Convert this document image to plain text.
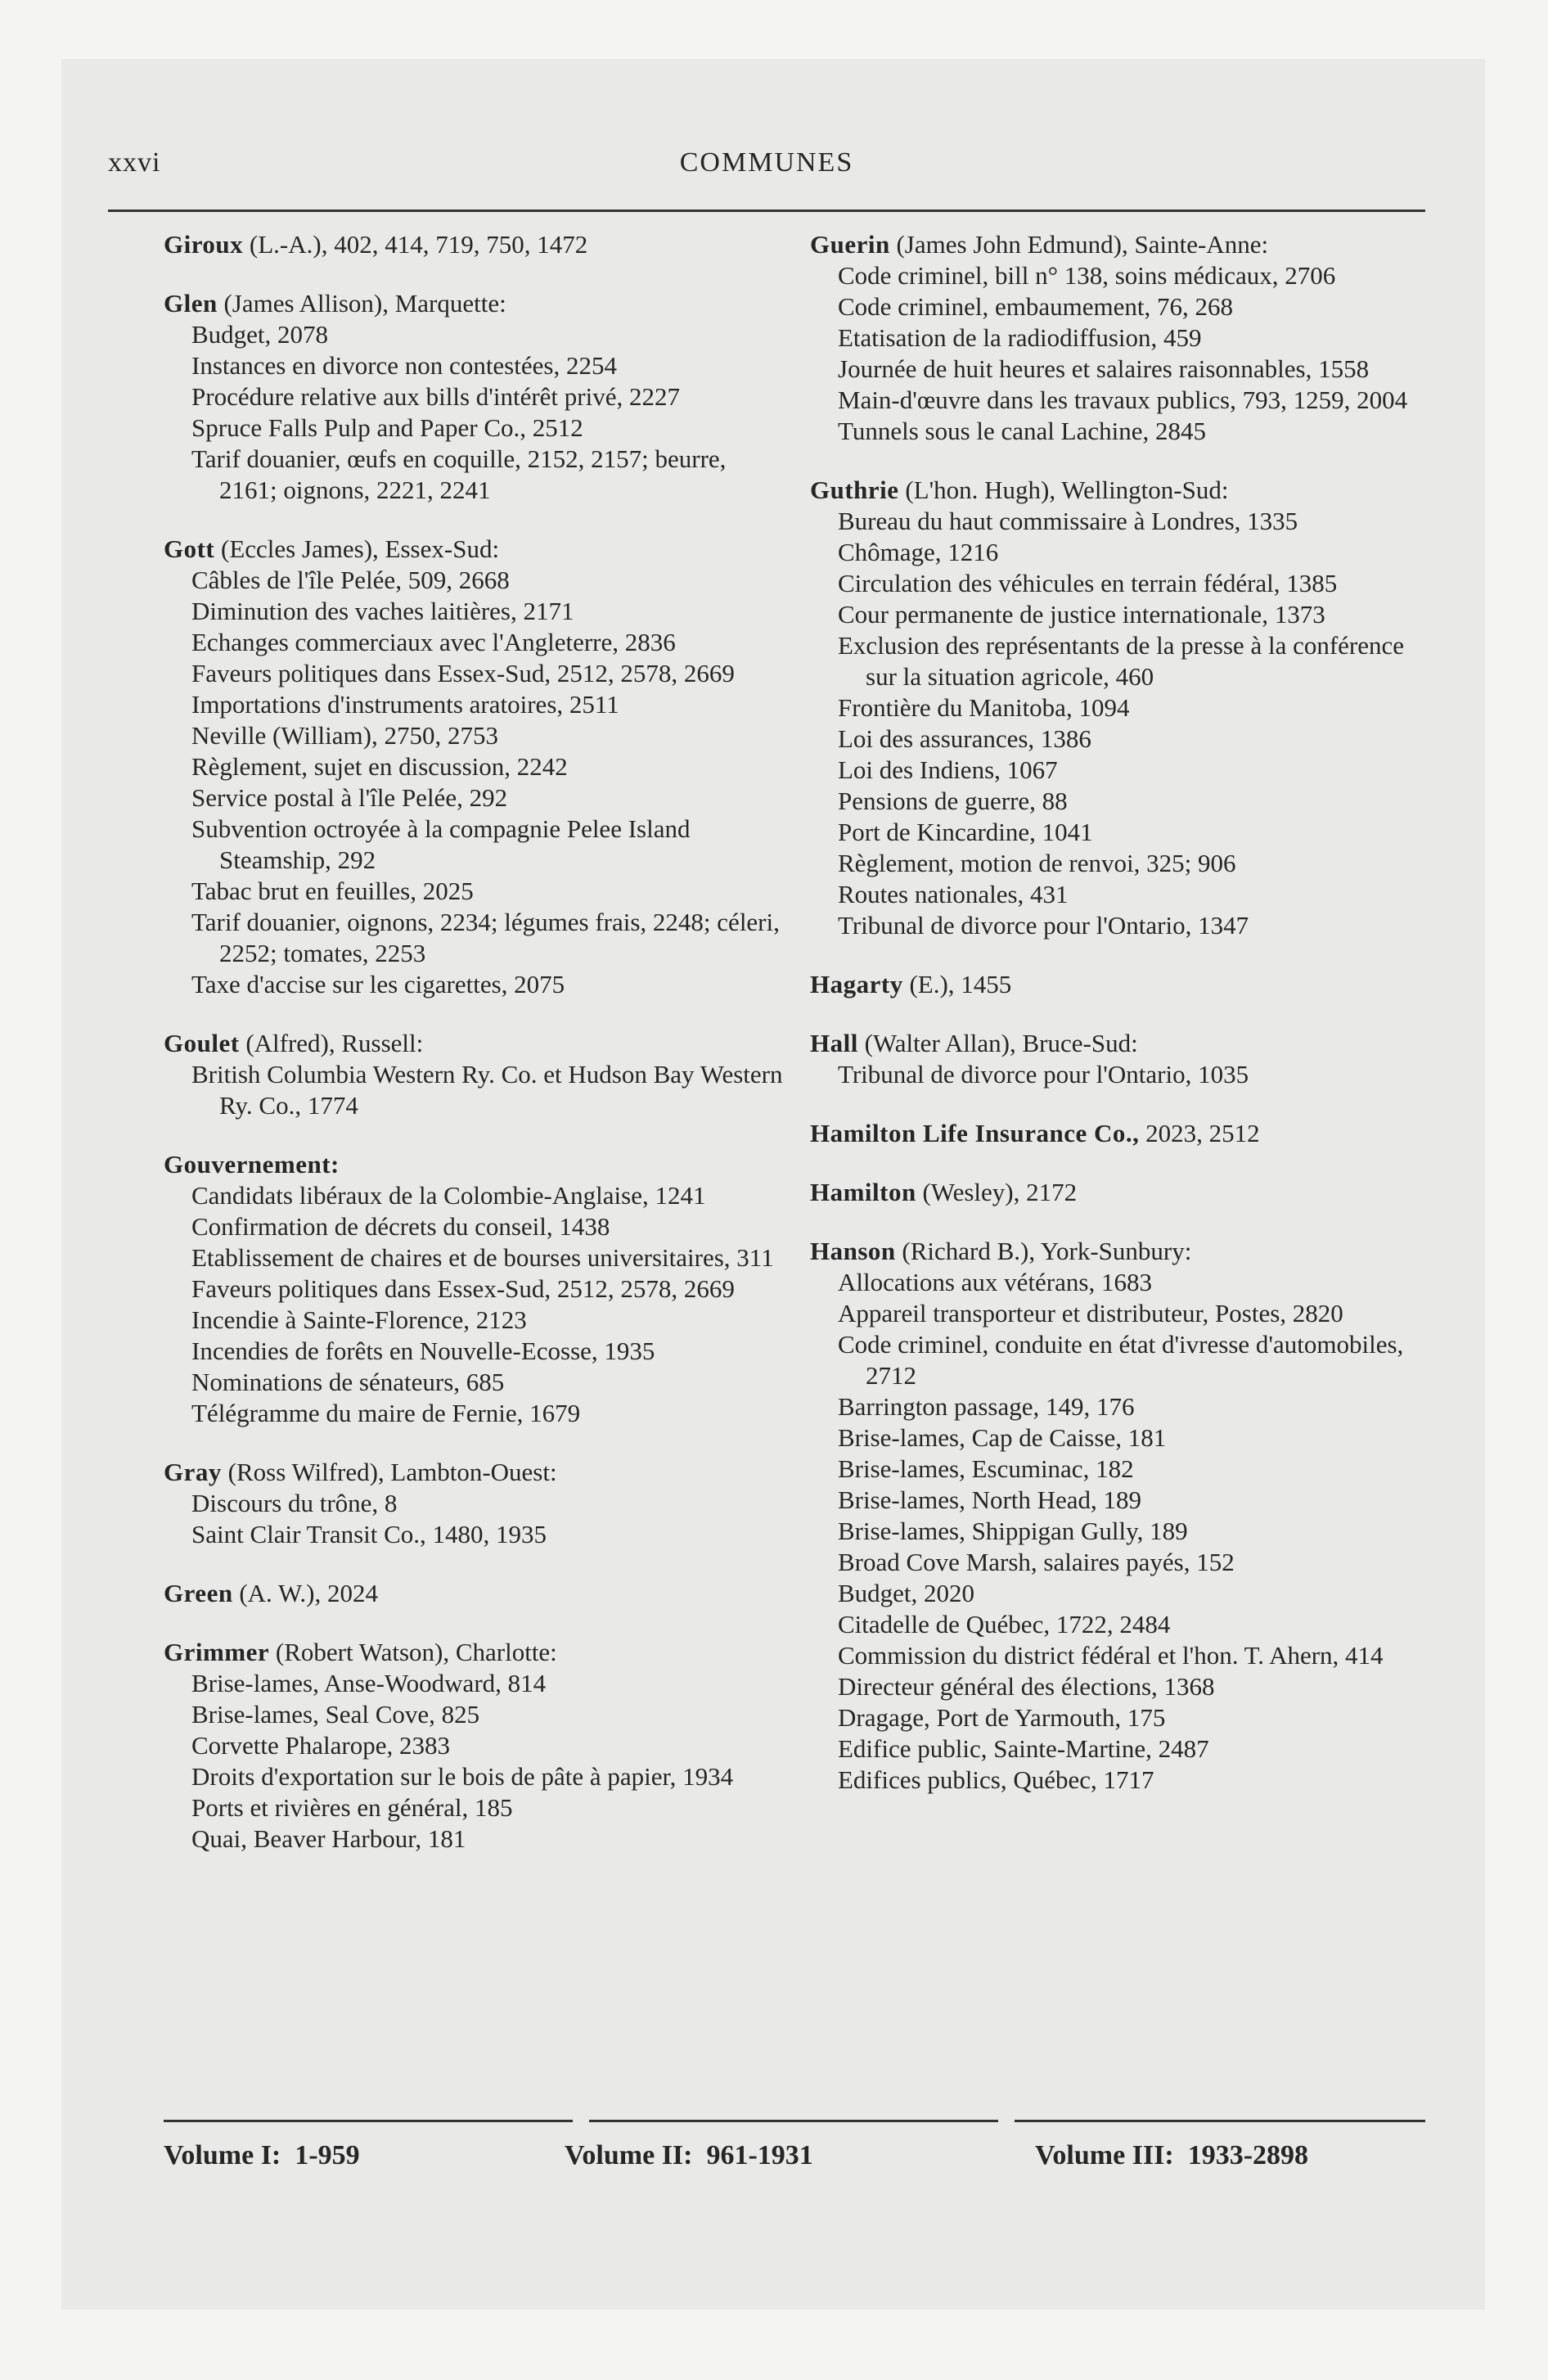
xxvi	COMMUNES
Giroux (L.-A.), 402, 414, 719, 750, 1472
Glen (James Allison), Marquette:
Budget, 2078
Instances en divorce non contestées, 2254
Procédure relative aux bills d'intérêt privé, 2227
Spruce Falls Pulp and Paper Co., 2512
Tarif douanier, œufs en coquille, 2152, 2157; beurre, 2161; oignons, 2221, 2241
Gott (Eccles James), Essex-Sud:
Câbles de l'île Pelée, 509, 2668
Diminution des vaches laitières, 2171
Echanges commerciaux avec l'Angleterre, 2836
Faveurs politiques dans Essex-Sud, 2512, 2578, 2669
Importations d'instruments aratoires, 2511
Neville (William), 2750, 2753
Règlement, sujet en discussion, 2242
Service postal à l'île Pelée, 292
Subvention octroyée à la compagnie Pelee Island Steamship, 292
Tabac brut en feuilles, 2025
Tarif douanier, oignons, 2234; légumes frais, 2248; céleri, 2252; tomates, 2253
Taxe d'accise sur les cigarettes, 2075
Goulet (Alfred), Russell:
British Columbia Western Ry. Co. et Hudson Bay Western Ry. Co., 1774
Gouvernement:
Candidats libéraux de la Colombie-Anglaise, 1241
Confirmation de décrets du conseil, 1438
Etablissement de chaires et de bourses universitaires, 311
Faveurs politiques dans Essex-Sud, 2512, 2578, 2669
Incendie à Sainte-Florence, 2123
Incendies de forêts en Nouvelle-Ecosse, 1935
Nominations de sénateurs, 685
Télégramme du maire de Fernie, 1679
Gray (Ross Wilfred), Lambton-Ouest:
Discours du trône, 8
Saint Clair Transit Co., 1480, 1935
Green (A. W.), 2024
Grimmer (Robert Watson), Charlotte:
Brise-lames, Anse-Woodward, 814
Brise-lames, Seal Cove, 825
Corvette Phalarope, 2383
Droits d'exportation sur le bois de pâte à papier, 1934
Ports et rivières en général, 185
Quai, Beaver Harbour, 181
Guerin (James John Edmund), Sainte-Anne:
Code criminel, bill n° 138, soins médicaux, 2706
Code criminel, embaumement, 76, 268
Etatisation de la radiodiffusion, 459
Journée de huit heures et salaires raisonnables, 1558
Main-d'œuvre dans les travaux publics, 793, 1259, 2004
Tunnels sous le canal Lachine, 2845
Guthrie (L'hon. Hugh), Wellington-Sud:
Bureau du haut commissaire à Londres, 1335
Chômage, 1216
Circulation des véhicules en terrain fédéral, 1385
Cour permanente de justice internationale, 1373
Exclusion des représentants de la presse à la conférence sur la situation agricole, 460
Frontière du Manitoba, 1094
Loi des assurances, 1386
Loi des Indiens, 1067
Pensions de guerre, 88
Port de Kincardine, 1041
Règlement, motion de renvoi, 325; 906
Routes nationales, 431
Tribunal de divorce pour l'Ontario, 1347
Hagarty (E.), 1455
Hall (Walter Allan), Bruce-Sud:
Tribunal de divorce pour l'Ontario, 1035
Hamilton Life Insurance Co., 2023, 2512
Hamilton (Wesley), 2172
Hanson (Richard B.), York-Sunbury:
Allocations aux vétérans, 1683
Appareil transporteur et distributeur, Postes, 2820
Code criminel, conduite en état d'ivresse d'automobiles, 2712
Barrington passage, 149, 176
Brise-lames, Cap de Caisse, 181
Brise-lames, Escuminac, 182
Brise-lames, North Head, 189
Brise-lames, Shippigan Gully, 189
Broad Cove Marsh, salaires payés, 152
Budget, 2020
Citadelle de Québec, 1722, 2484
Commission du district fédéral et l'hon. T. Ahern, 414
Directeur général des élections, 1368
Dragage, Port de Yarmouth, 175
Edifice public, Sainte-Martine, 2487
Edifices publics, Québec, 1717
Volume I:  1-959	Volume II:  961-1931	Volume III:  1933-2898
